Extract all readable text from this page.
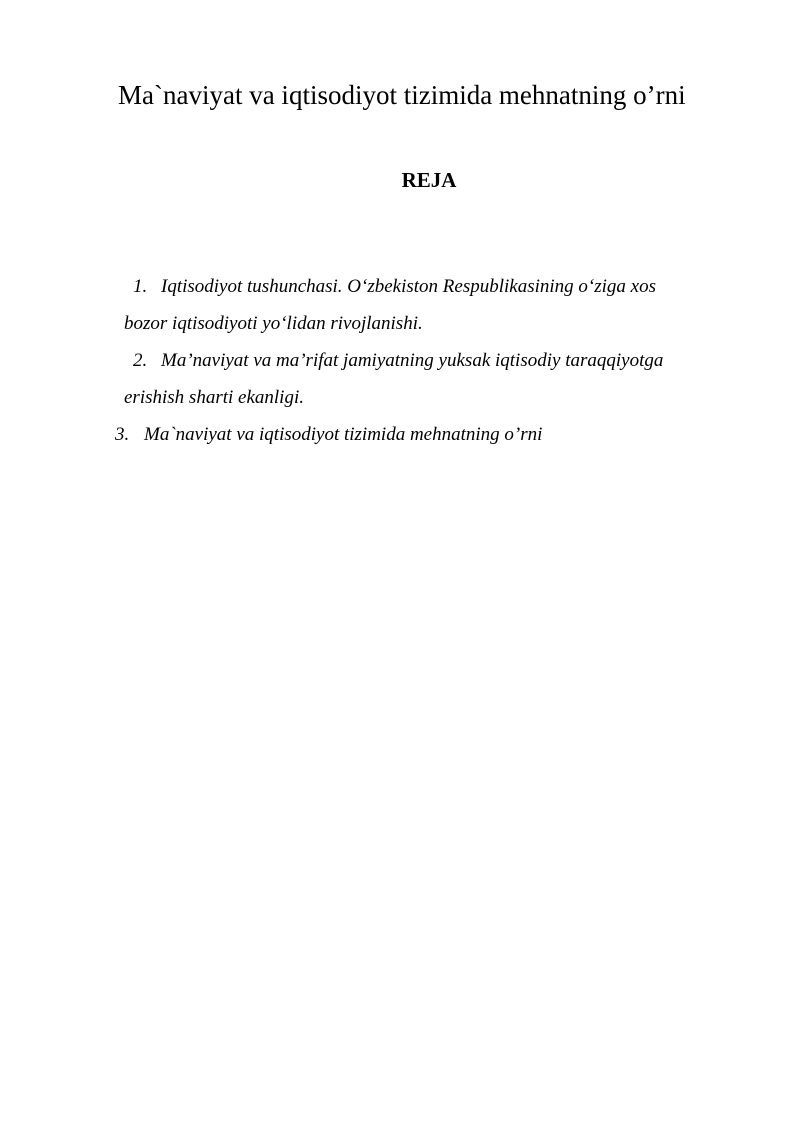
Ma`naviyat va iqtisodiyot tizimida mehnatning o’rni
REJA
1. Iqtisodiyot tushunchasi. O‘zbekiston Respublikasining o‘ziga xos
bozor iqtisodiyoti yo‘lidan rivojlanishi.
2. Ma’naviyat va ma’rifat jamiyatning yuksak iqtisodiy taraqqiyotga
erishish sharti ekanligi.
3. Ma`naviyat va iqtisodiyot tizimida mehnatning o’rni
